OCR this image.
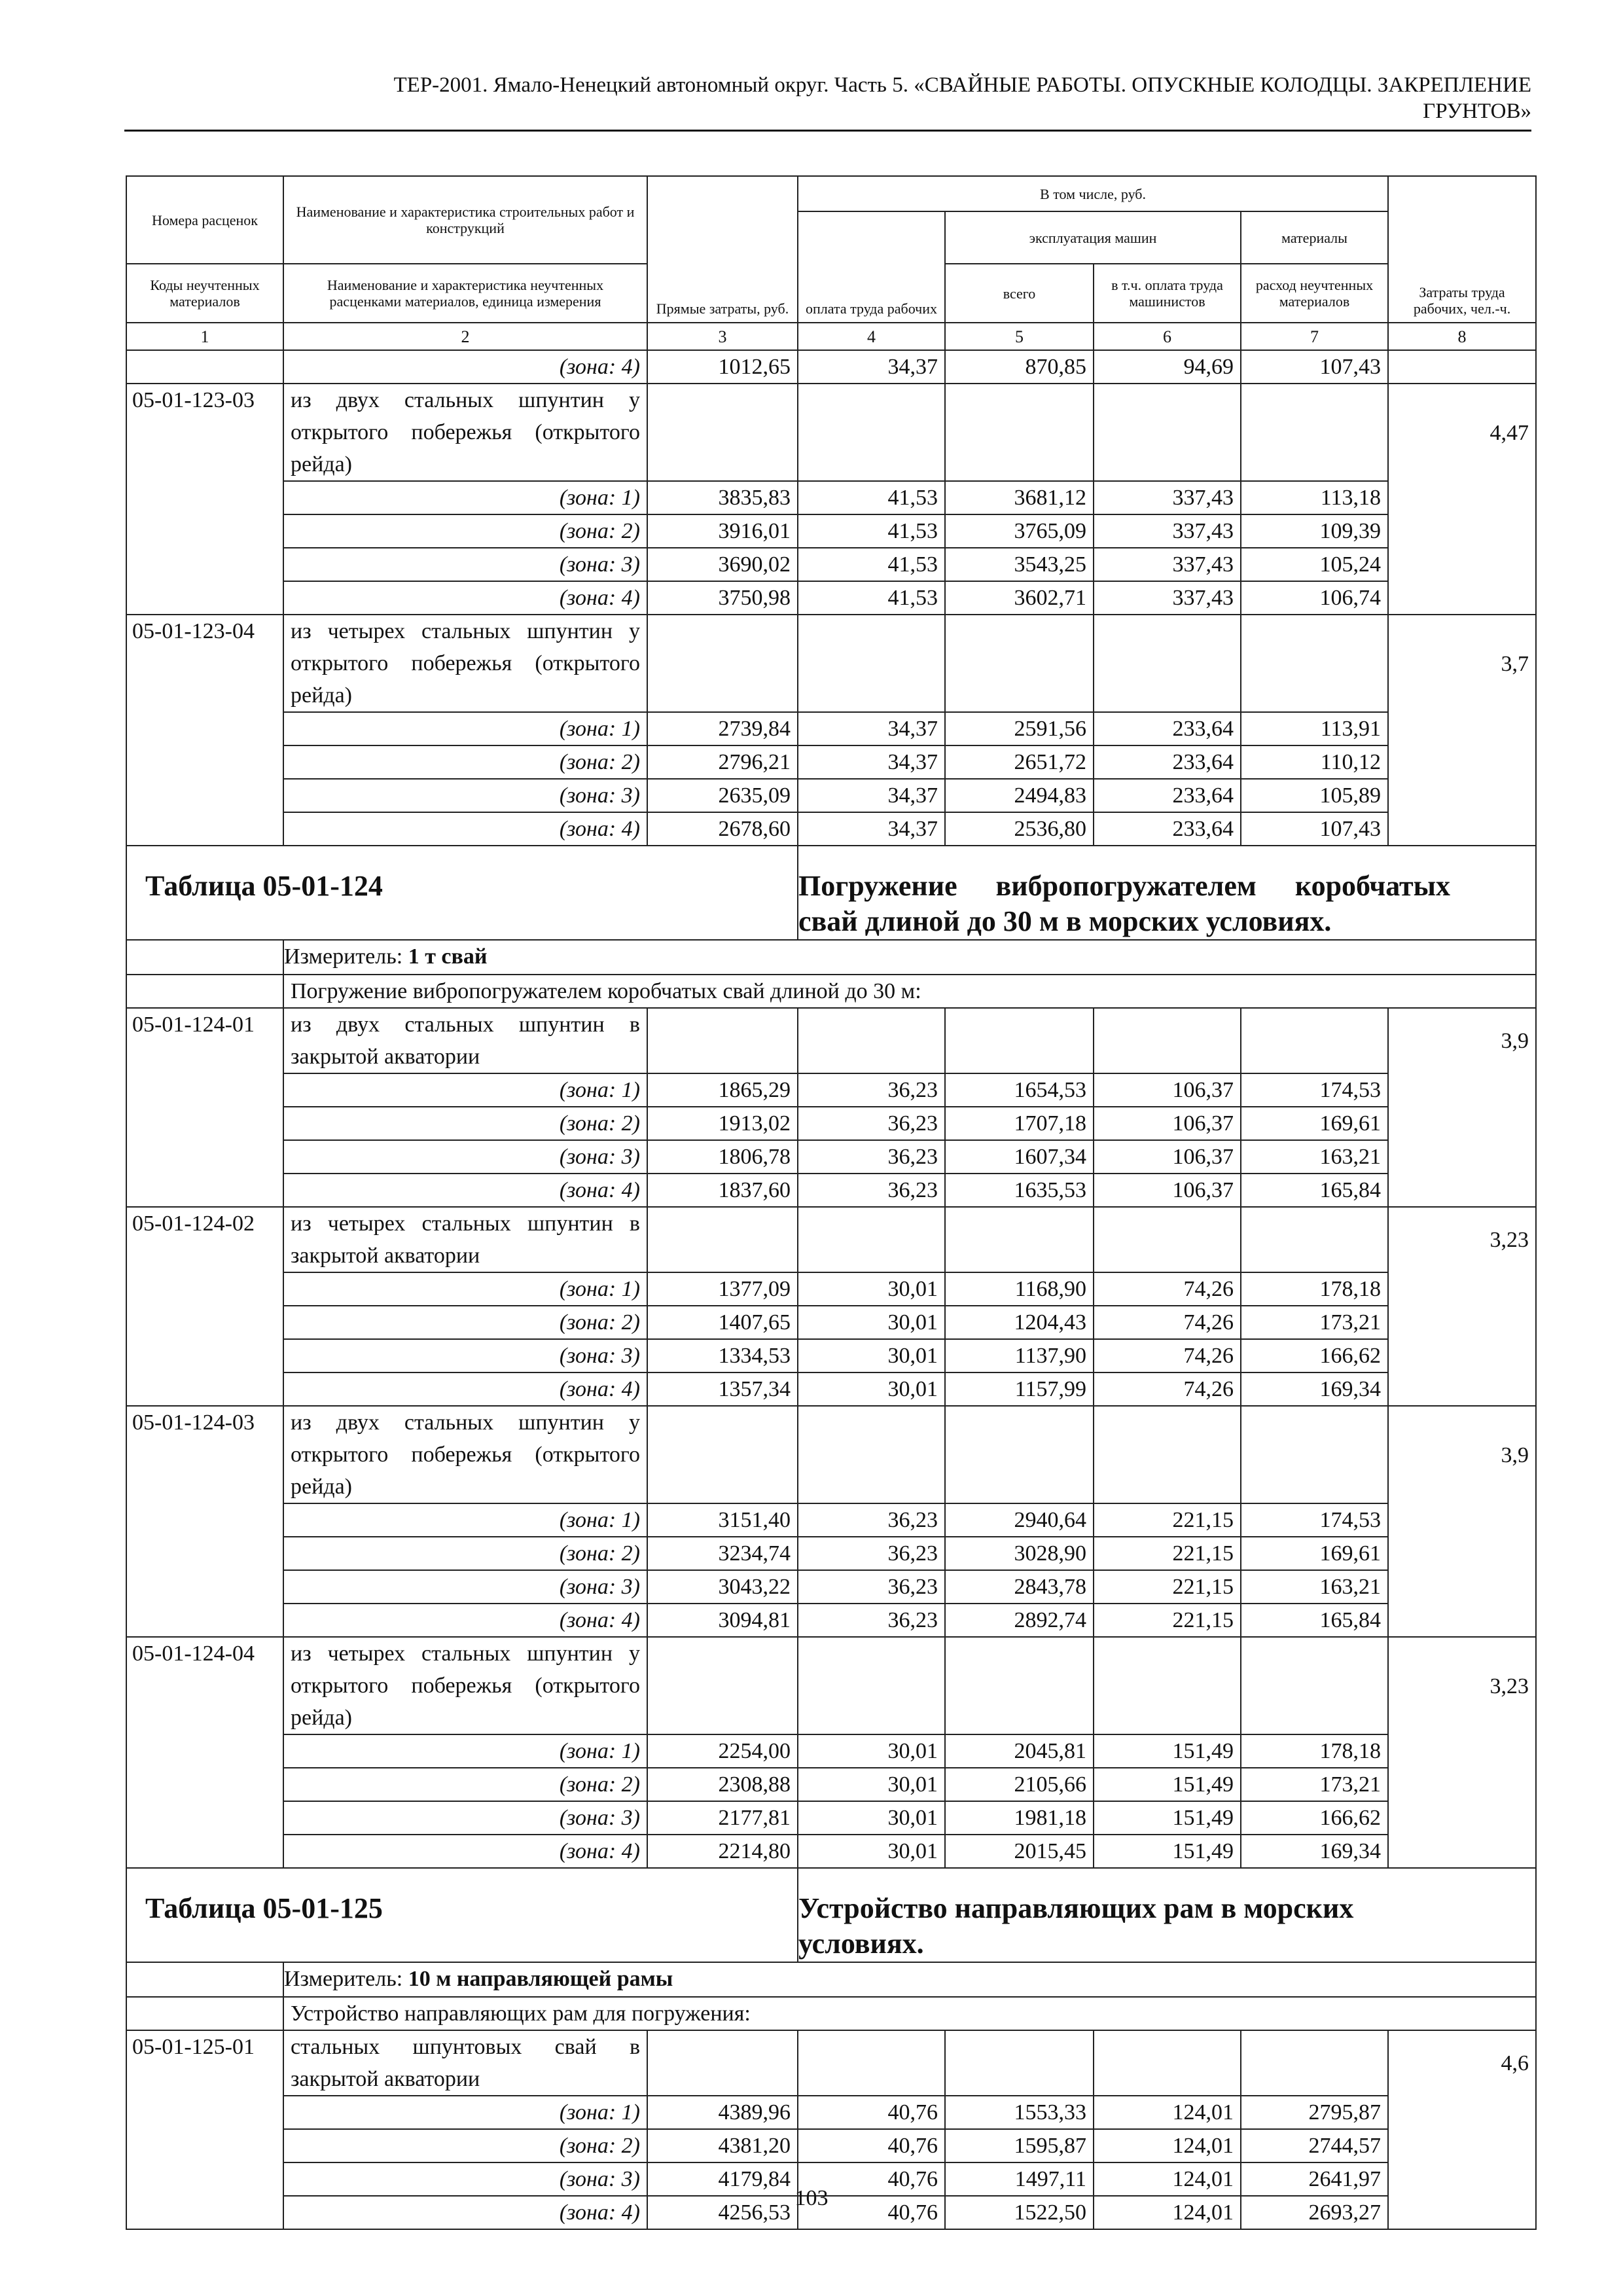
ТЕР-2001. Ямало-Ненецкий автономный округ. Часть 5. «СВАЙНЫЕ РАБОТЫ. ОПУСКНЫЕ КОЛОДЦЫ. ЗАКРЕПЛЕНИЕ
ГРУНТОВ»
Номера расценок	Наименование и характеристика строительных работ и конструкций	Прямые затраты, руб.	В том числе, руб.				Затраты труда рабочих, чел.-ч.
			оплата труда рабочих	эксплуатация машин		материалы	
Коды неучтенных материалов	Наименование и характеристика неучтенных расценками материалов, единица измерения			всего	в т.ч. оплата труда машинистов	расход неучтенных материалов	
1	2	3	4	5	6	7	8
	(зона: 4)	1012,65	34,37	870,85	94,69	107,43	
05-01-123-03	из двух стальных шпунтин у открытого побережья (открытого рейда)						4,47
	(зона: 1)	3835,83	41,53	3681,12	337,43	113,18	
	(зона: 2)	3916,01	41,53	3765,09	337,43	109,39	
	(зона: 3)	3690,02	41,53	3543,25	337,43	105,24	
	(зона: 4)	3750,98	41,53	3602,71	337,43	106,74	
05-01-123-04	из четырех стальных шпунтин у открытого побережья (открытого рейда)						3,7
	(зона: 1)	2739,84	34,37	2591,56	233,64	113,91	
	(зона: 2)	2796,21	34,37	2651,72	233,64	110,12	
	(зона: 3)	2635,09	34,37	2494,83	233,64	105,89	
	(зона: 4)	2678,60	34,37	2536,80	233,64	107,43	
Таблица 05-01-124			Погружение вибропогружателем коробчатых свай длиной до 30 м в морских условиях.				

	Измеритель: 1 т свай						
	Погружение вибропогружателем коробчатых свай длиной до 30 м:						
05-01-124-01	из двух стальных шпунтин в закрытой акватории						3,9
	(зона: 1)	1865,29	36,23	1654,53	106,37	174,53	
	(зона: 2)	1913,02	36,23	1707,18	106,37	169,61	
	(зона: 3)	1806,78	36,23	1607,34	106,37	163,21	
	(зона: 4)	1837,60	36,23	1635,53	106,37	165,84	
05-01-124-02	из четырех стальных шпунтин в закрытой акватории						3,23
	(зона: 1)	1377,09	30,01	1168,90	74,26	178,18	
	(зона: 2)	1407,65	30,01	1204,43	74,26	173,21	
	(зона: 3)	1334,53	30,01	1137,90	74,26	166,62	
	(зона: 4)	1357,34	30,01	1157,99	74,26	169,34	
05-01-124-03	из двух стальных шпунтин у открытого побережья (открытого рейда)						3,9
	(зона: 1)	3151,40	36,23	2940,64	221,15	174,53	
	(зона: 2)	3234,74	36,23	3028,90	221,15	169,61	
	(зона: 3)	3043,22	36,23	2843,78	221,15	163,21	
	(зона: 4)	3094,81	36,23	2892,74	221,15	165,84	
05-01-124-04	из четырех стальных шпунтин у открытого побережья (открытого рейда)						3,23
	(зона: 1)	2254,00	30,01	2045,81	151,49	178,18	
	(зона: 2)	2308,88	30,01	2105,66	151,49	173,21	
	(зона: 3)	2177,81	30,01	1981,18	151,49	166,62	
	(зона: 4)	2214,80	30,01	2015,45	151,49	169,34	
Таблица 05-01-125			Устройство направляющих рам в морских условиях.				

	Измеритель: 10 м направляющей рамы						
	Устройство направляющих рам для погружения:						
05-01-125-01	стальных шпунтовых свай в закрытой акватории						4,6
	(зона: 1)	4389,96	40,76	1553,33	124,01	2795,87	
	(зона: 2)	4381,20	40,76	1595,87	124,01	2744,57	
	(зона: 3)	4179,84	40,76	1497,11	124,01	2641,97	
	(зона: 4)	4256,53	40,76	1522,50	124,01	2693,27	
103
